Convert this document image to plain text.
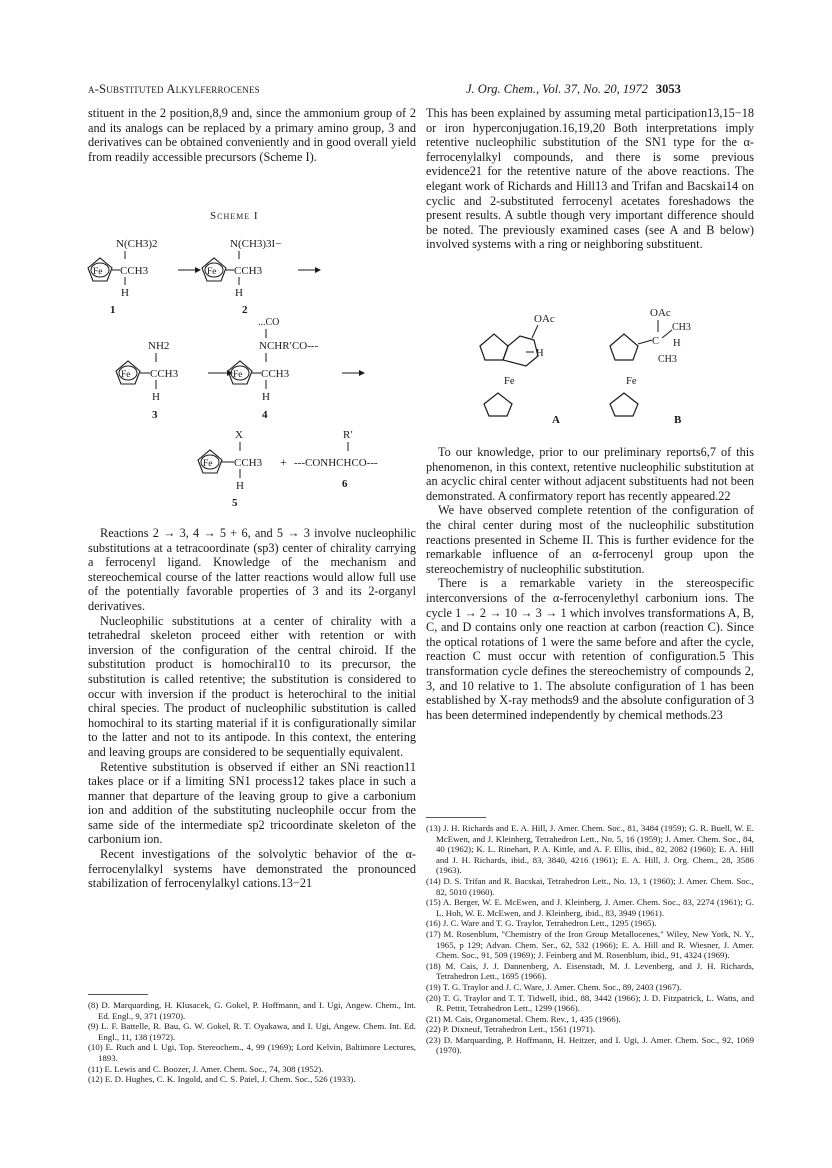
α-Substituted Alkylferrocenes	J. Org. Chem., Vol. 37, No. 20, 1972 3053

stituent in the 2 position,8,9 and, since the ammonium group of 2 and its analogs can be replaced by a primary amino group, 3 and derivatives can be obtained conveniently and in good overall yield from readily accessible precursors (Scheme I).

Scheme I
N(CH3)2
Fe CCH3
H
1
N(CH3)3I−
Fe CCH3
H
2
NH2
Fe CCH3
H
3
...CO
NCHR′CO---
Fe CCH3
H
4
X
Fe CCH3
H
5
+
R′
---CONHCHCO---
6

Reactions 2 → 3, 4 → 5 + 6, and 5 → 3 involve nucleophilic substitutions at a tetracoordinate (sp3) center of chirality carrying a ferrocenyl ligand. Knowledge of the mechanism and stereochemical course of the latter reactions would allow full use of the potentially favorable properties of 3 and its 2-organyl derivatives.

Nucleophilic substitutions at a center of chirality with a tetrahedral skeleton proceed either with retention or with inversion of the configuration of the central chiroid. If the substitution product is homochiral10 to its precursor, the substitution is called retentive; the substitution is considered to occur with inversion if the product is heterochiral to the initial chiral species. The product of nucleophilic substitution is called homochiral to its starting material if it is configurationally similar to the latter and not to its antipode. In this context, the entering and leaving groups are considered to be sequentially equivalent.

Retentive substitution is observed if either an SNi reaction11 takes place or if a limiting SN1 process12 takes place in such a manner that departure of the leaving group to give a carbonium ion and addition of the substituting nucleophile occur from the same side of the intermediate sp2 tricoordinate skeleton of the carbonium ion.

Recent investigations of the solvolytic behavior of the α-ferrocenylalkyl systems have demonstrated the pronounced stabilization of ferrocenylalkyl cations.13−21

(8) D. Marquarding, H. Klusacek, G. Gokel, P. Hoffmann, and I. Ugi, Angew. Chem., Int. Ed. Engl., 9, 371 (1970).
(9) L. F. Battelle, R. Bau, G. W. Gokel, R. T. Oyakawa, and I. Ugi, Angew. Chem. Int. Ed. Engl., 11, 138 (1972).
(10) E. Ruch and I. Ugi, Top. Stereochem., 4, 99 (1969); Lord Kelvin, Baltimore Lectures, 1893.
(11) E. Lewis and C. Boozer, J. Amer. Chem. Soc., 74, 308 (1952).
(12) E. D. Hughes, C. K. Ingold, and C. S. Patel, J. Chem. Soc., 526 (1933).

This has been explained by assuming metal participation13,15−18 or iron hyperconjugation.16,19,20 Both interpretations imply retentive nucleophilic substitution of the SN1 type for the α-ferrocenylalkyl compounds, and there is some previous evidence21 for the retentive nature of the above reactions. The elegant work of Richards and Hill13 and Trifan and Bacskai14 on cyclic and 2-substituted ferrocenyl acetates foreshadows the present results. A subtle though very important difference should be noted. The previously examined cases (see A and B below) involved systems with a ring or neighboring substituent.

OAc
H
Fe
A
OAc
C
CH3
H
CH3
Fe
B

To our knowledge, prior to our preliminary reports6,7 of this phenomenon, in this context, retentive nucleophilic substitution at an acyclic chiral center without adjacent substituents had not been demonstrated. A confirmatory report has recently appeared.22

We have observed complete retention of the configuration of the chiral center during most of the nucleophilic substitution reactions presented in Scheme II. This is further evidence for the remarkable influence of an α-ferrocenyl group upon the stereochemistry of nucleophilic substitution.

There is a remarkable variety in the stereospecific interconversions of the α-ferrocenylethyl carbonium ions. The cycle 1 → 2 → 10 → 3 → 1 which involves transformations A, B, C, and D contains only one reaction at carbon (reaction C). Since the optical rotations of 1 were the same before and after the cycle, reaction C must occur with retention of configuration.5 This transformation cycle defines the stereochemistry of compounds 2, 3, and 10 relative to 1. The absolute configuration of 1 has been established by X-ray methods9 and the absolute configuration of 3 has been determined independently by chemical methods.23

(13) J. H. Richards and E. A. Hill, J. Amer. Chem. Soc., 81, 3484 (1959); G. R. Buell, W. E. McEwen, and J. Kleinberg, Tetrahedron Lett., No. 5, 16 (1959); J. Amer. Chem. Soc., 84, 40 (1962); K. L. Rinehart, P. A. Kittle, and A. F. Ellis, ibid., 82, 2082 (1960); E. A. Hill and J. H. Richards, ibid., 83, 3840, 4216 (1961); E. A. Hill, J. Org. Chem., 28, 3586 (1963).
(14) D. S. Trifan and R. Bacskai, Tetrahedron Lett., No. 13, 1 (1960); J. Amer. Chem. Soc., 82, 5010 (1960).
(15) A. Berger, W. E. McEwen, and J. Kleinberg, J. Amer. Chem. Soc., 83, 2274 (1961); G. L. Hoh, W. E. McEwen, and J. Kleinberg, ibid., 83, 3949 (1961).
(16) J. C. Ware and T. G. Traylor, Tetrahedron Lett., 1295 (1965).
(17) M. Rosenblum, "Chemistry of the Iron Group Metallocenes," Wiley, New York, N. Y., 1965, p 129; Advan. Chem. Ser., 62, 532 (1966); E. A. Hill and R. Wiesner, J. Amer. Chem. Soc., 91, 509 (1969); J. Feinberg and M. Rosenblum, ibid., 91, 4324 (1969).
(18) M. Cais, J. J. Dannenberg, A. Eisenstadt, M. J. Levenberg, and J. H. Richards, Tetrahedron Lett., 1695 (1966).
(19) T. G. Traylor and J. C. Ware, J. Amer. Chem. Soc., 89, 2403 (1967).
(20) T. G. Traylor and T. T. Tidwell, ibid., 88, 3442 (1966); J. D. Fitzpatrick, L. Watts, and R. Pettit, Tetrahedron Lett., 1299 (1966).
(21) M. Cais, Organometal. Chem. Rev., 1, 435 (1966).
(22) P. Dixneuf, Tetrahedron Lett., 1561 (1971).
(23) D. Marquarding, P. Hoffmann, H. Heitzer, and I. Ugi, J. Amer. Chem. Soc., 92, 1069 (1970).
